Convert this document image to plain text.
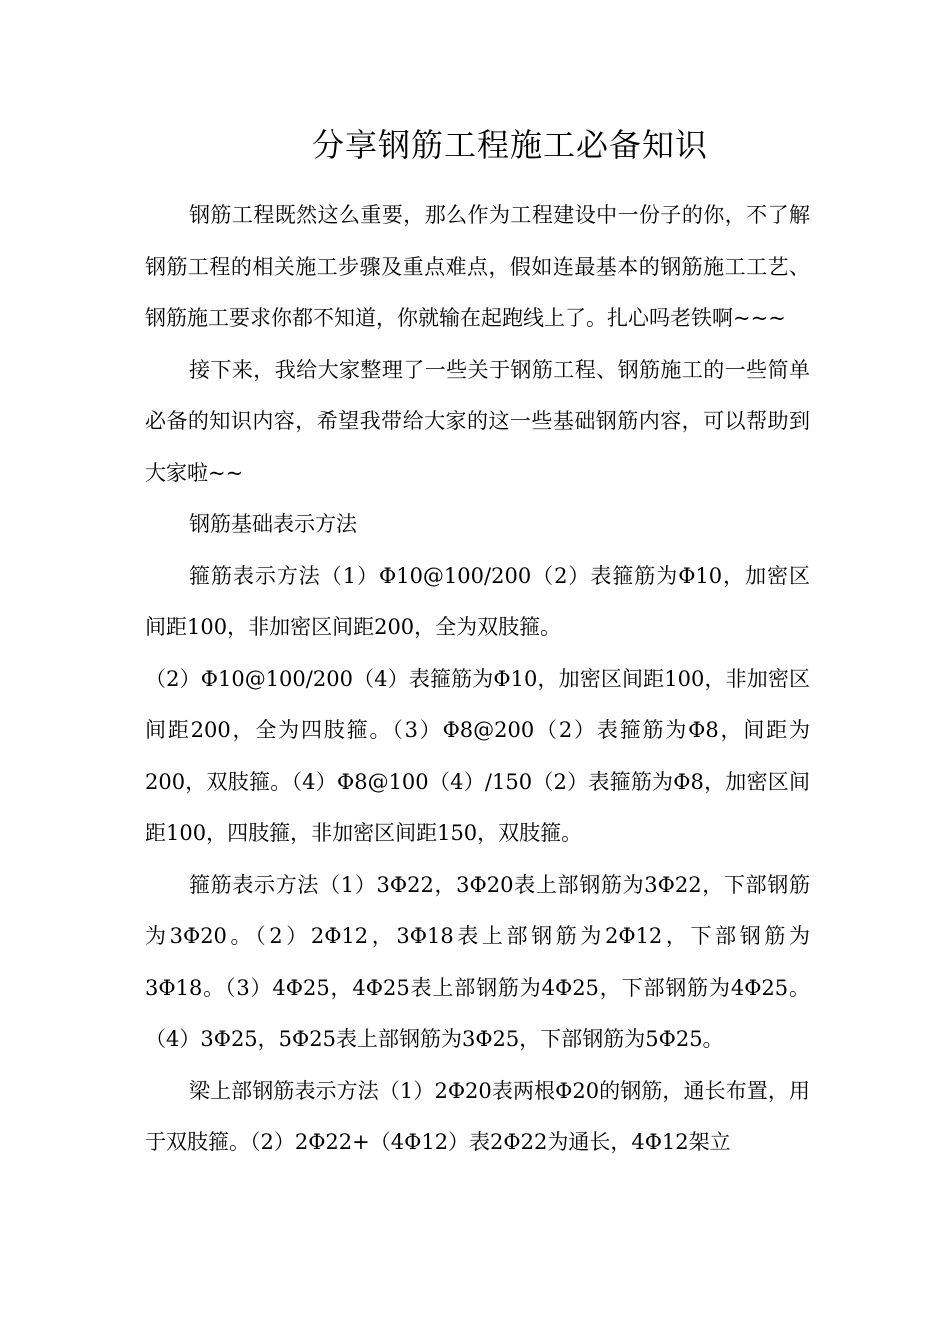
分享钢筋工程施工必备知识

钢筋工程既然这么重要，那么作为工程建设中一份子的你，不了解钢筋工程的相关施工步骤及重点难点，假如连最基本的钢筋施工工艺、钢筋施工要求你都不知道，你就输在起跑线上了。扎心吗老铁啊~~~

接下来，我给大家整理了一些关于钢筋工程、钢筋施工的一些简单必备的知识内容，希望我带给大家的这一些基础钢筋内容，可以帮助到大家啦~~

钢筋基础表示方法

箍筋表示方法（1）Φ10@100/200（2）表箍筋为Φ10，加密区间距100，非加密区间距200，全为双肢箍。

（2）Φ10@100/200（4）表箍筋为Φ10，加密区间距100，非加密区间距200，全为四肢箍。（3）Φ8@200（2）表箍筋为Φ8，间距为200，双肢箍。（4）Φ8@100（4）/150（2）表箍筋为Φ8，加密区间距100，四肢箍，非加密区间距150，双肢箍。

箍筋表示方法（1）3Φ22，3Φ20表上部钢筋为3Φ22，下部钢筋为3Φ20。（2）2Φ12，3Φ18表上部钢筋为2Φ12，下部钢筋为3Φ18。（3）4Φ25，4Φ25表上部钢筋为4Φ25，下部钢筋为4Φ25。（4）3Φ25，5Φ25表上部钢筋为3Φ25，下部钢筋为5Φ25。

梁上部钢筋表示方法（1）2Φ20表两根Φ20的钢筋，通长布置，用于双肢箍。（2）2Φ22+（4Φ12）表2Φ22为通长，4Φ12架立
